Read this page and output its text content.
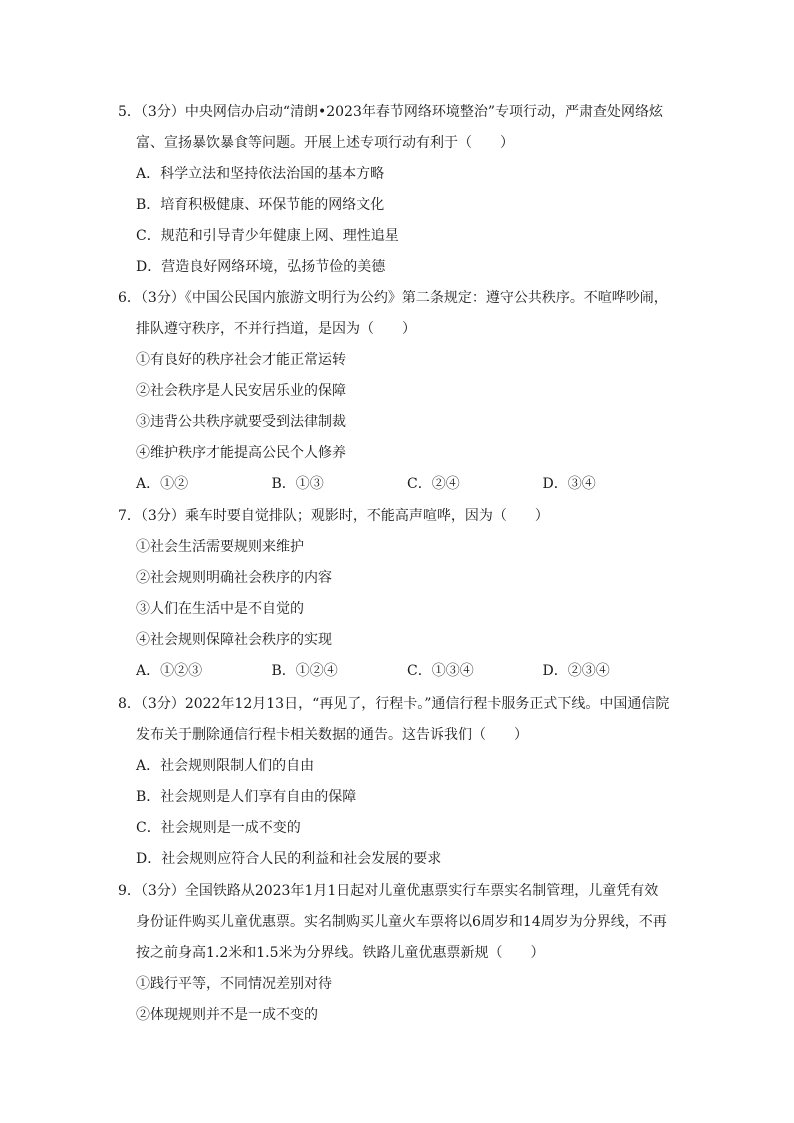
5．（3分）中央网信办启动“清朗•2023年春节网络环境整治”专项行动，严肃查处网络炫
富、宣扬暴饮暴食等问题。开展上述专项行动有利于（　　）
A．科学立法和坚持依法治国的基本方略
B．培育积极健康、环保节能的网络文化
C．规范和引导青少年健康上网、理性追星
D．营造良好网络环境，弘扬节俭的美德
6．（3分）《中国公民国内旅游文明行为公约》第二条规定：遵守公共秩序。不喧哗吵闹，
排队遵守秩序，不并行挡道，是因为（　　）
①有良好的秩序社会才能正常运转
②社会秩序是人民安居乐业的保障
③违背公共秩序就要受到法律制裁
④维护秩序才能提高公民个人修养
A．①②	B．①③	C．②④	D．③④
7．（3分）乘车时要自觉排队；观影时，不能高声喧哗，因为（　　）
①社会生活需要规则来维护
②社会规则明确社会秩序的内容
③人们在生活中是不自觉的
④社会规则保障社会秩序的实现
A．①②③	B．①②④	C．①③④	D．②③④
8．（3分）2022年12月13日，“再见了，行程卡。”通信行程卡服务正式下线。中国通信院
发布关于删除通信行程卡相关数据的通告。这告诉我们（　　）
A．社会规则限制人们的自由
B．社会规则是人们享有自由的保障
C．社会规则是一成不变的
D．社会规则应符合人民的利益和社会发展的要求
9．（3分）全国铁路从2023年1月1日起对儿童优惠票实行车票实名制管理，儿童凭有效
身份证件购买儿童优惠票。实名制购买儿童火车票将以6周岁和14周岁为分界线，不再
按之前身高1.2米和1.5米为分界线。铁路儿童优惠票新规（　　）
①践行平等，不同情况差别对待
②体现规则并不是一成不变的
